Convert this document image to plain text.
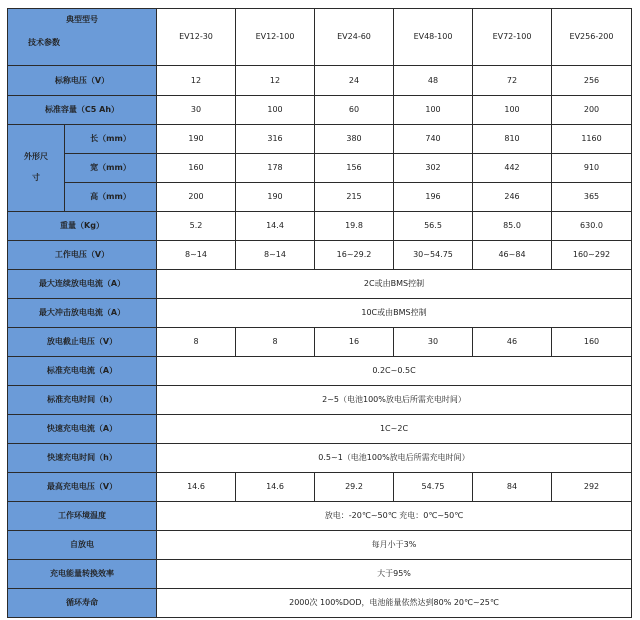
典型型号
技术参数		EV12-30	EV12-100	EV24-60	EV48-100	EV72-100	EV256-200
标称电压（V）		12	12	24	48	72	256
标准容量（C5 Ah）		30	100	60	100	100	200
外形尺寸	长（mm）	190	316	380	740	810	1160
	宽（mm）	160	178	156	302	442	910
	高（mm）	200	190	215	196	246	365
重量（Kg）		5.2	14.4	19.8	56.5	85.0	630.0
工作电压（V）		8~14	8~14	16~29.2	30~54.75	46~84	160~292
最大连续放电电流（A）		2C或由BMS控制					
最大冲击放电电流（A）		10C或由BMS控制					
放电截止电压（V）		8	8	16	30	46	160
标准充电电流（A）		0.2C~0.5C					
标准充电时间（h）		2~5（电池100%放电后所需充电时间）					
快速充电电流（A）		1C~2C					
快速充电时间（h）		0.5~1（电池100%放电后所需充电时间）					
最高充电电压（V）		14.6	14.6	29.2	54.75	84	292
工作环境温度		放电：-20℃~50℃ 充电：0℃~50℃					
自放电		每月小于3%					
充电能量转换效率		大于95%					
循环寿命		2000次 100%DOD，电池能量依然达到80% 20℃~25℃					
